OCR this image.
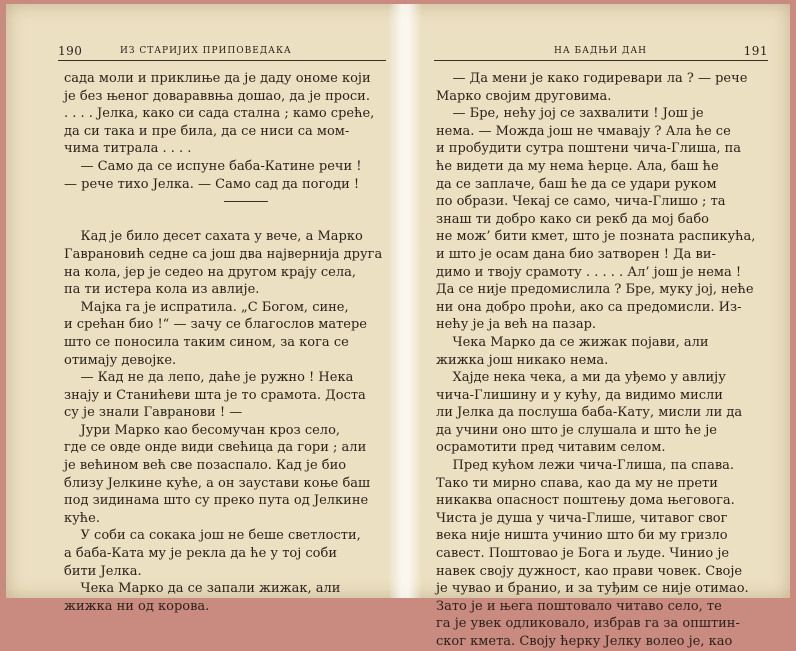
190	ИЗ СТАРИЈИХ ПРИПОВЕДАКА
сада моли и приклиње да је даду ономе који
је без њеног довараввња дошао, да је проси.
. . . . Јелка, како си сада стална ; камо среће,
да си така и пре била, да се ниси са мом-
чима титрала . . . .
— Само да се испуне баба-Катине речи !
— рече тихо Јелка. — Само сад да погоди !
Кад је било десет сахата у вече, а Марко
Гаврановић седне са још два највернија друга
на кола, јер је седео на другом крају села,
па ти истера кола из авлије.
Мајка га је испратила. „С Богом, сине,
и срећан био !“ — зачу се благослов матере
што се поносила таким сином, за кога се
отимају девојке.
— Кад не да лепо, даће је ружно ! Нека
знају и Станићеви шта је то срамота. Доста
су је знали Гавранови ! —
Јури Марко као бесомучан кроз село,
где се овде онде види свећица да гори ; али
је већином већ све позаспало. Кад је био
близу Јелкине куће, а он заустави коње баш
под зидинама што су преко пута од Јелкине
куће.
У соби са сокака још не беше светлости,
а баба-Ката му је рекла да ће у тој соби
бити Јелка.
Чека Марко да се запали жижак, али
жижка ни од корова.
НА БАДЊИ ДАН	191
— Да мени је како годиревари ла ? — рече
Марко својим друговима.
— Бре, нећу јој се захвалити ! Још је
нема. — Можда још не чмавају ? Ала ће се
и пробудити сутра поштени чича-Глиша, па
ће видети да му нема ћерце. Ала, баш ће
да се заплаче, баш ће да се удари руком
по образи. Чекај се само, чича-Глишо ; та
знаш ти добро како си рекб да мој бабо
не мож’ бити кмет, што је позната распикућа,
и што је осам дана био затворен ! Да ви-
димо и твоју срамоту . . . . . Ал’ још је нема !
Да се није предомислила ? Бре, муку јој, неће
ни она добро проћи, ако са предомисли. Из-
нећу је ја већ на пазар.
Чека Марко да се жижак појави, али
жижка још никако нема.
Хајде нека чека, а ми да уђемо у авлију
чича-Глишину и у кућу, да видимо мисли
ли Јелка да послуша баба-Кату, мисли ли да
да учини оно што је слушала и што ће је
осрамотити пред читавим селом.
Пред кућом лежи чича-Глиша, па спава.
Тако ти мирно спава, као да му не прети
никаква опасност поштењу дома његовога.
Чиста је душа у чича-Глише, читавог свог
века није ништа учинио што би му гризло
савест. Поштовао је Бога и људе. Чинио је
навек своју дужност, као прави човек. Своје
је чувао и бранио, и за туђим се није отимао.
Зато је и њега поштовало читаво село, те
га је увек одликовало, избрав га за општин-
ског кмета. Своју ћерку Јелку волео је, као
